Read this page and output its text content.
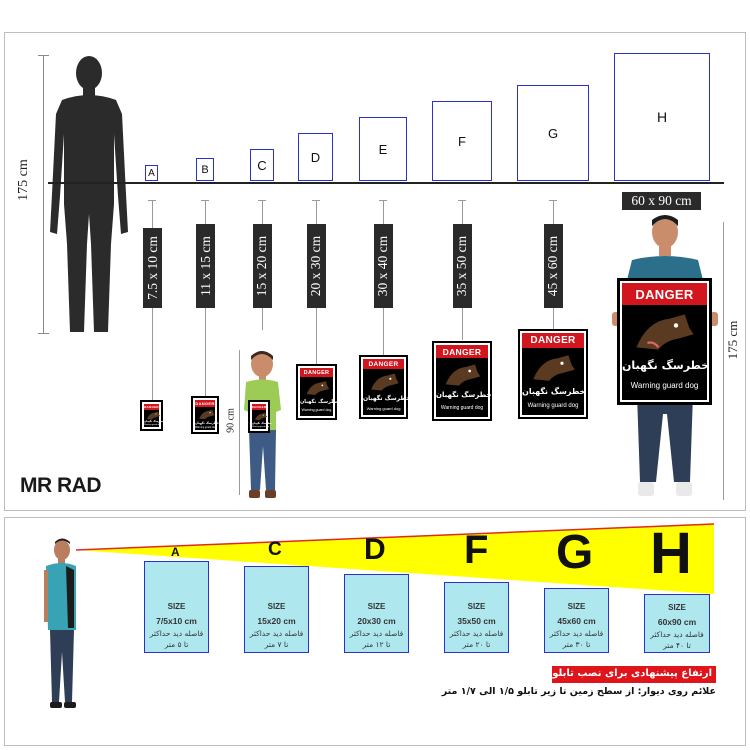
175 cm
MR RAD
A	B	C
D
E
F
G
H
60 x 90 cm
7.5 x 10 cm	11 x 15 cm	15 x 20 cm	20 x 30 cm	30 x 40 cm	35 x 50 cm	45 x 60 cm
DANGER
خطرسگ نگهبان
Warning guard dog
DANGER
خطرسگ نگهبان
Warning guard dog 90 cm
DANGER
خطرسگ نگهبان
Warning guard dog
DANGER
خطرسگ نگهبان
Warning guard dog
DANGER
خطرسگ نگهبان
Warning guard dog
DANGER
خطرسگ نگهبان
Warning guard dog
DANGER
خطرسگ نگهبان
Warning guard dog
DANGER
خطرسگ نگهبان
Warning guard dog
175 cm
A	C	D F G H
SIZE
7/5x10 cm
فاصله دید حداکثر
تا ۵ متر
SIZE
15x20 cm
فاصله دید حداکثر
تا ۷ متر
SIZE
20x30 cm
فاصله دید حداکثر
تا ۱۲ متر
SIZE
35x50 cm
فاصله دید حداکثر
تا ۲۰ متر
SIZE
45x60 cm
فاصله دید حداکثر
تا ۳۰ متر
SIZE
60x90 cm
فاصله دید حداکثر
تا ۴۰ متر
ارتفاع پیشنهادی برای نصب تابلوها:
علائم روی دیوار: از سطح زمین تا زیر تابلو ۱/۵ الی ۱/۷ متر
